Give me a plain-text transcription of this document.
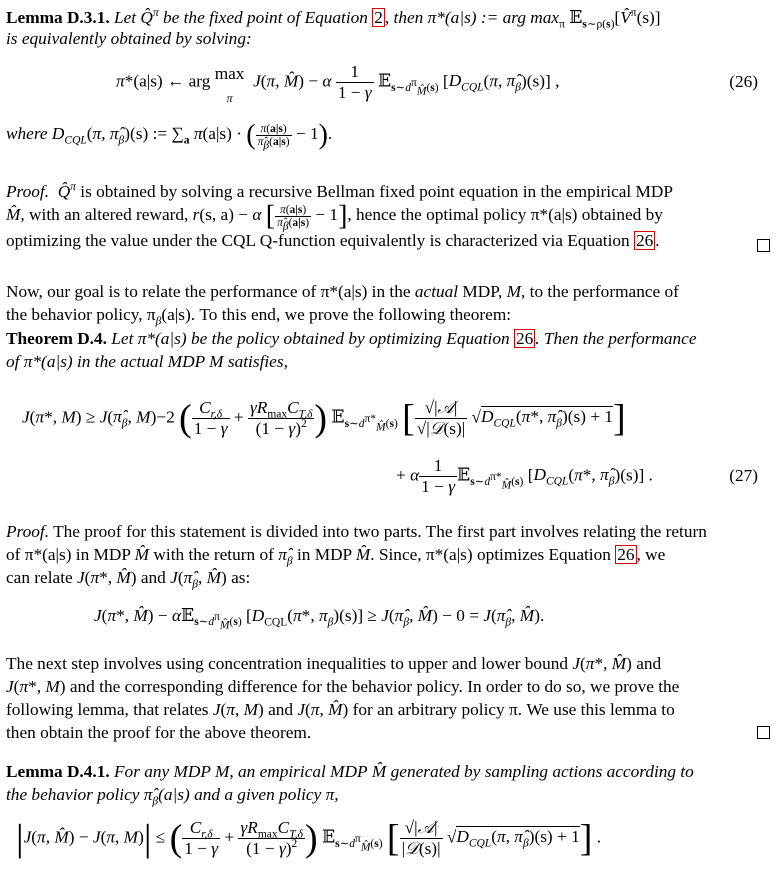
Lemma D.3.1. Let Q̂$^\pi$ be the fixed point of Equation 2 , then π*(a|s) := arg $\max_\pi$ 𝔼$_{s\sim\rho(s)}$[V̂$^\pi$(s)]

is equivalently obtained by solving:

π*(a|s) ← arg max
π  J(π, M̂) − α $\frac{1}{1 - \gamma}$ 𝔼$_{s\sim d^\pi_{M̂}(s)}$ [$D_{CQL}(\pi$, $\pî_\beta)(s)$] ,	(26)

where $D_{CQL}(\pi$, $\pî_\beta)(s)$ := $\sum_a$ π(a|s) · ( $\frac{\pi(a|s)}{\pî_\beta(a|s)} - 1$).

Proof. Q̂$^\pi$ is obtained by solving a recursive Bellman fixed point equation in the empirical MDP

M̂, with an altered reward, r(s, a) − α [ $\frac{\pi(a|s)}{\pî_\beta(a|s)} - 1$], hence the optimal policy π*(a|s) obtained by

optimizing the value under the CQL Q-function equivalently is characterized via Equation 26 .

Now, our goal is to relate the performance of π*(a|s) in the actual MDP, M, to the performance of

the behavior policy, $\pi_\beta(a|s)$. To this end, we prove the following theorem:

Theorem D.4. Let π*(a|s) be the policy obtained by optimizing Equation 26 . Then the performance

of π*(a|s) in the actual MDP M satisfies,

J(π*, $M) \ge J(\pî_\beta$, M)−2 ( $\frac{C_{r,\delta}}{1 - \gamma} + \frac{\gamma R_{max}C_{T,\delta}}{(1 - \gamma)^2}$ ) 𝔼$_{s\sim d^{\pi*}_{M̂}(s)}$ [ $\frac{\text{√|𝒜|}}{\text{√|𝒟(s)|}} √D_{CQL}(\pi*$, $\pî_\beta)(s) + 1$]
+ α $\frac{1}{1 - \gamma}$ 𝔼$_{s\sim d^{\pi*}_{M̂}(s)}$ [$D_{CQL}(\pi*$, $\pî_\beta)(s)$] .	(27)

Proof. The proof for this statement is divided into two parts. The first part involves relating the return

of π*(a|s) in MDP M̂ with the return of $\pî_\beta$ in MDP M̂. Since, π*(a|s) optimizes Equation 26 , we

can relate J(π*, M̂) and $J(\pî_\beta$, M̂) as:

J(π*, M̂) − α𝔼$_{s\sim d^\pi_{M̂}(s)}$ [$D_{CQL}(\pi*$, $\pi_\beta)(s)$] ≥ $J(\pî_\beta$, M̂) − $0 = J(\pî_\beta$, M̂).

The next step involves using concentration inequalities to upper and lower bound J(π*, M̂) and

J(π*, M) and the corresponding difference for the behavior policy. In order to do so, we prove the

following lemma, that relates J(π, M) and J(π, M̂) for an arbitrary policy π. We use this lemma to

then obtain the proof for the above theorem.

Lemma D.4.1. For any MDP M, an empirical MDP M̂ generated by sampling actions according to

the behavior policy $\pî_\beta(a|s)$ and a given policy π,

|J(π, M̂) − J(π, M)| ≤ ( $\frac{C_{r,\delta}}{1 - \gamma} + \frac{\gamma R_{max}C_{T,\delta}}{(1 - \gamma)^2}$ ) 𝔼$_{s\sim d^\pi_{M̂}(s)}$ [ $\frac{\text{√|𝒜|}}{\text{|𝒟(s)|}} √D_{CQL}(\pi$, $\pî_\beta)(s) + 1$] .
